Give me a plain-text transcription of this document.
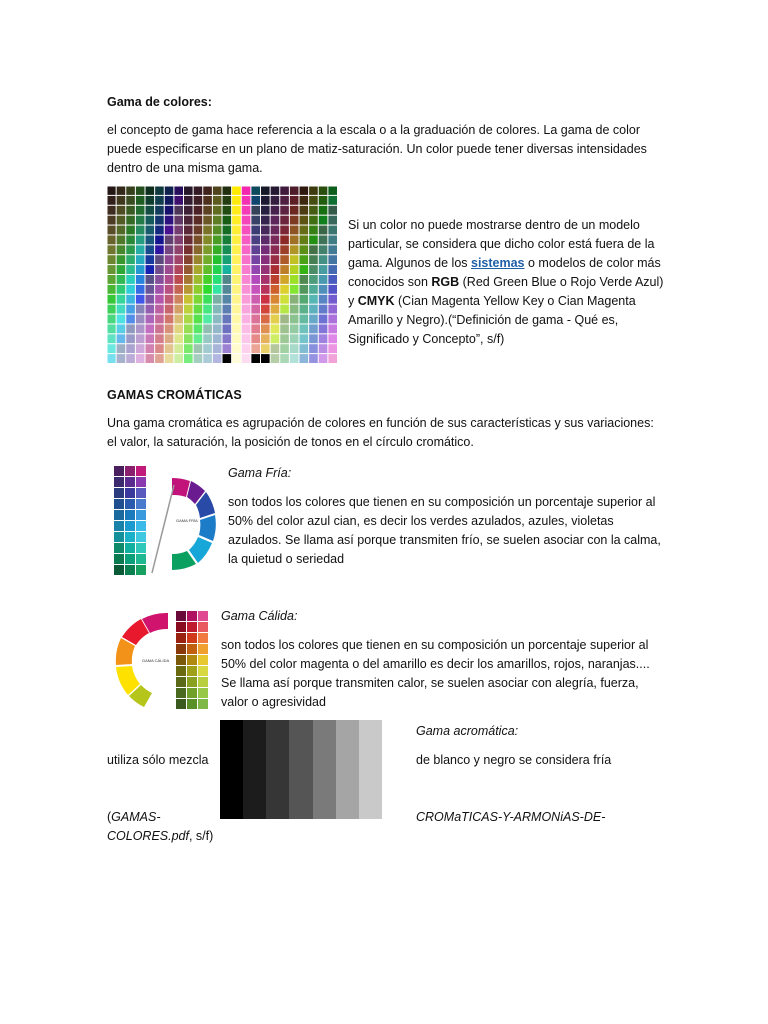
Gama de colores:
el concepto de gama hace referencia a la escala o a la graduación de colores. La gama de color
puede especificarse en un plano de matiz-saturación. Un color puede tener diversas intensidades
dentro de una misma gama.
Si un color no puede mostrarse dentro de un modelo
particular, se considera que dicho color está fuera de la
gama. Algunos de los sistemas o modelos de color más
conocidos son RGB (Red Green Blue o Rojo Verde Azul)
y CMYK (Cian Magenta Yellow Key o Cian Magenta
Amarillo y Negro).(“Definición de gama - Qué es,
Significado y Concepto”, s/f)
GAMAS CROMÁTICAS
Una gama cromática es agrupación de colores en función de sus características y sus variaciones:
el valor, la saturación, la posición de tonos en el círculo cromático.
GAMA FRÍA
Gama Fría:
son todos los colores que tienen en su composición un porcentaje superior al
50% del color azul cian, es decir los verdes azulados, azules, violetas
azulados. Se llama así porque transmiten frío, se suelen asociar con la calma,
la quietud o seriedad
GAMA CÁLIDA
Gama Cálida:
son todos los colores que tienen en su composición un porcentaje superior al
50% del color magenta o del amarillo es decir los amarillos, rojos, naranjas....
Se llama así porque transmiten calor, se suelen asociar con alegría, fuerza,
valor o agresividad
Gama acromática:
utiliza sólo mezcla	de blanco y negro se considera fría
(GAMAS-
COLORES.pdf, s/f)
CROMaTICAS-Y-ARMONiAS-DE-
